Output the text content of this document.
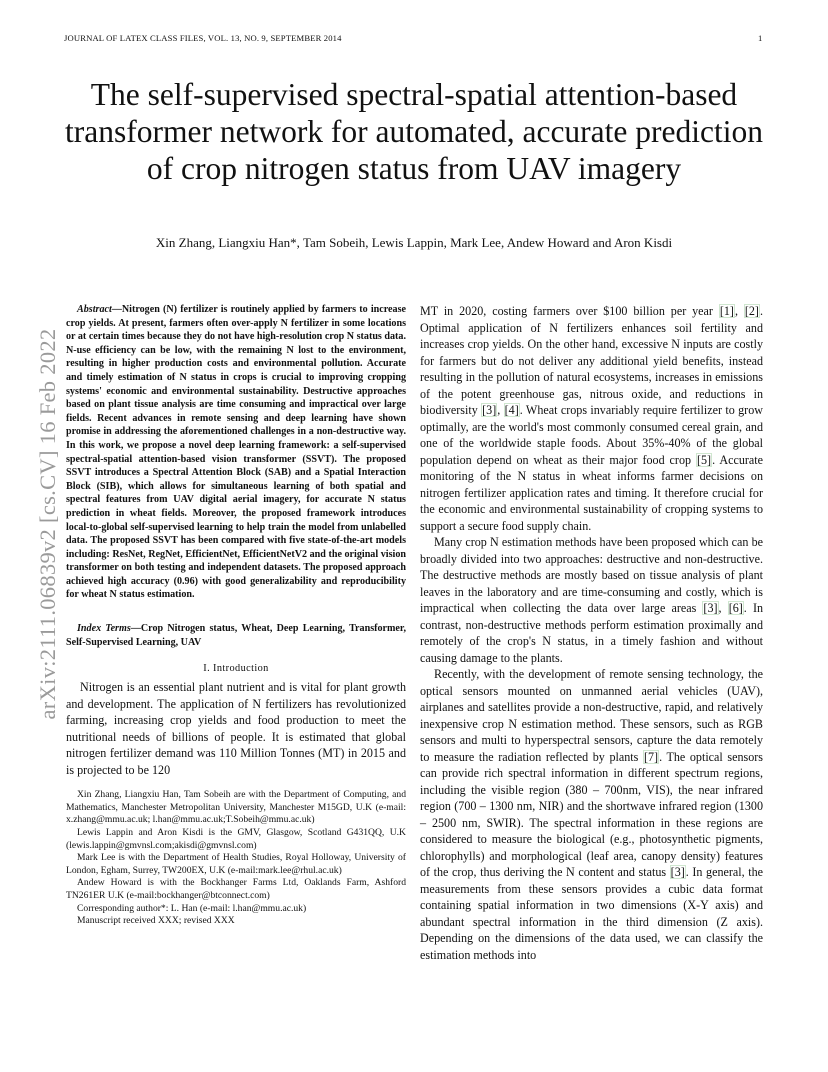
JOURNAL OF LATEX CLASS FILES, VOL. 13, NO. 9, SEPTEMBER 2014	1
The self-supervised spectral-spatial attention-based transformer network for automated, accurate prediction of crop nitrogen status from UAV imagery
Xin Zhang, Liangxiu Han*, Tam Sobeih, Lewis Lappin, Mark Lee, Andew Howard and Aron Kisdi
arXiv:2111.06839v2 [cs.CV] 16 Feb 2022

Abstract—Nitrogen (N) fertilizer is routinely applied by farmers to increase crop yields. At present, farmers often over-apply N fertilizer in some locations or at certain times because they do not have high-resolution crop N status data. N-use efficiency can be low, with the remaining N lost to the environment, resulting in higher production costs and environmental pollution. Accurate and timely estimation of N status in crops is crucial to improving cropping systems' economic and environmental sustainability. Destructive approaches based on plant tissue analysis are time consuming and impractical over large fields. Recent advances in remote sensing and deep learning have shown promise in addressing the aforementioned challenges in a non-destructive way. In this work, we propose a novel deep learning framework: a self-supervised spectral-spatial attention-based vision transformer (SSVT). The proposed SSVT introduces a Spectral Attention Block (SAB) and a Spatial Interaction Block (SIB), which allows for simultaneous learning of both spatial and spectral features from UAV digital aerial imagery, for accurate N status prediction in wheat fields. Moreover, the proposed framework introduces local-to-global self-supervised learning to help train the model from unlabelled data. The proposed SSVT has been compared with five state-of-the-art models including: ResNet, RegNet, EfficientNet, EfficientNetV2 and the original vision transformer on both testing and independent datasets. The proposed approach achieved high accuracy (0.96) with good generalizability and reproducibility for wheat N status estimation.

Index Terms—Crop Nitrogen status, Wheat, Deep Learning, Transformer, Self-Supervised Learning, UAV

I. Introduction

Nitrogen is an essential plant nutrient and is vital for plant growth and development. The application of N fertilizers has revolutionized farming, increasing crop yields and food production to meet the nutritional needs of billions of people. It is estimated that global nitrogen fertilizer demand was 110 Million Tonnes (MT) in 2015 and is projected to be 120

Xin Zhang, Liangxiu Han, Tam Sobeih are with the Department of Computing, and Mathematics, Manchester Metropolitan University, Manchester M15GD, U.K (e-mail: x.zhang@mmu.ac.uk; l.han@mmu.ac.uk;T.Sobeih@mmu.ac.uk)

Lewis Lappin and Aron Kisdi is the GMV, Glasgow, Scotland G431QQ, U.K (lewis.lappin@gmvnsl.com;akisdi@gmvnsl.com)

Mark Lee is with the Department of Health Studies, Royal Holloway, University of London, Egham, Surrey, TW200EX, U.K (e-mail:mark.lee@rhul.ac.uk)

Andew Howard is with the Bockhanger Farms Ltd, Oaklands Farm, Ashford TN261ER U.K (e-mail:bockhanger@btconnect.com)

Corresponding author*: L. Han (e-mail: l.han@mmu.ac.uk)

Manuscript received XXX; revised XXX

MT in 2020, costing farmers over $100 billion per year [1], [2]. Optimal application of N fertilizers enhances soil fertility and increases crop yields. On the other hand, excessive N inputs are costly for farmers but do not deliver any additional yield benefits, instead resulting in the pollution of natural ecosystems, increases in emissions of the potent greenhouse gas, nitrous oxide, and reductions in biodiversity [3], [4]. Wheat crops invariably require fertilizer to grow optimally, are the world's most commonly consumed cereal grain, and one of the worldwide staple foods. About 35%-40% of the global population depend on wheat as their major food crop [5]. Accurate monitoring of the N status in wheat informs farmer decisions on nitrogen fertilizer application rates and timing. It therefore crucial for the economic and environmental sustainability of cropping systems to support a secure food supply chain.

Many crop N estimation methods have been proposed which can be broadly divided into two approaches: destructive and non-destructive. The destructive methods are mostly based on tissue analysis of plant leaves in the laboratory and are time-consuming and costly, which is impractical when collecting the data over large areas [3], [6]. In contrast, non-destructive methods perform estimation proximally and remotely of the crop's N status, in a timely fashion and without causing damage to the plants.

Recently, with the development of remote sensing technology, the optical sensors mounted on unmanned aerial vehicles (UAV), airplanes and satellites provide a non-destructive, rapid, and relatively inexpensive crop N estimation method. These sensors, such as RGB sensors and multi to hyperspectral sensors, capture the data remotely to measure the radiation reflected by plants [7]. The optical sensors can provide rich spectral information in different spectrum regions, including the visible region (380 – 700nm, VIS), the near infrared region (700 – 1300 nm, NIR) and the shortwave infrared region (1300 – 2500 nm, SWIR). The spectral information in these regions are considered to measure the biological (e.g., photosynthetic pigments, chlorophylls) and morphological (leaf area, canopy density) features of the crop, thus deriving the N content and status [3]. In general, the measurements from these sensors provides a cubic data format containing spatial information in two dimensions (X-Y axis) and abundant spectral information in the third dimension (Z axis). Depending on the dimensions of the data used, we can classify the estimation methods into
